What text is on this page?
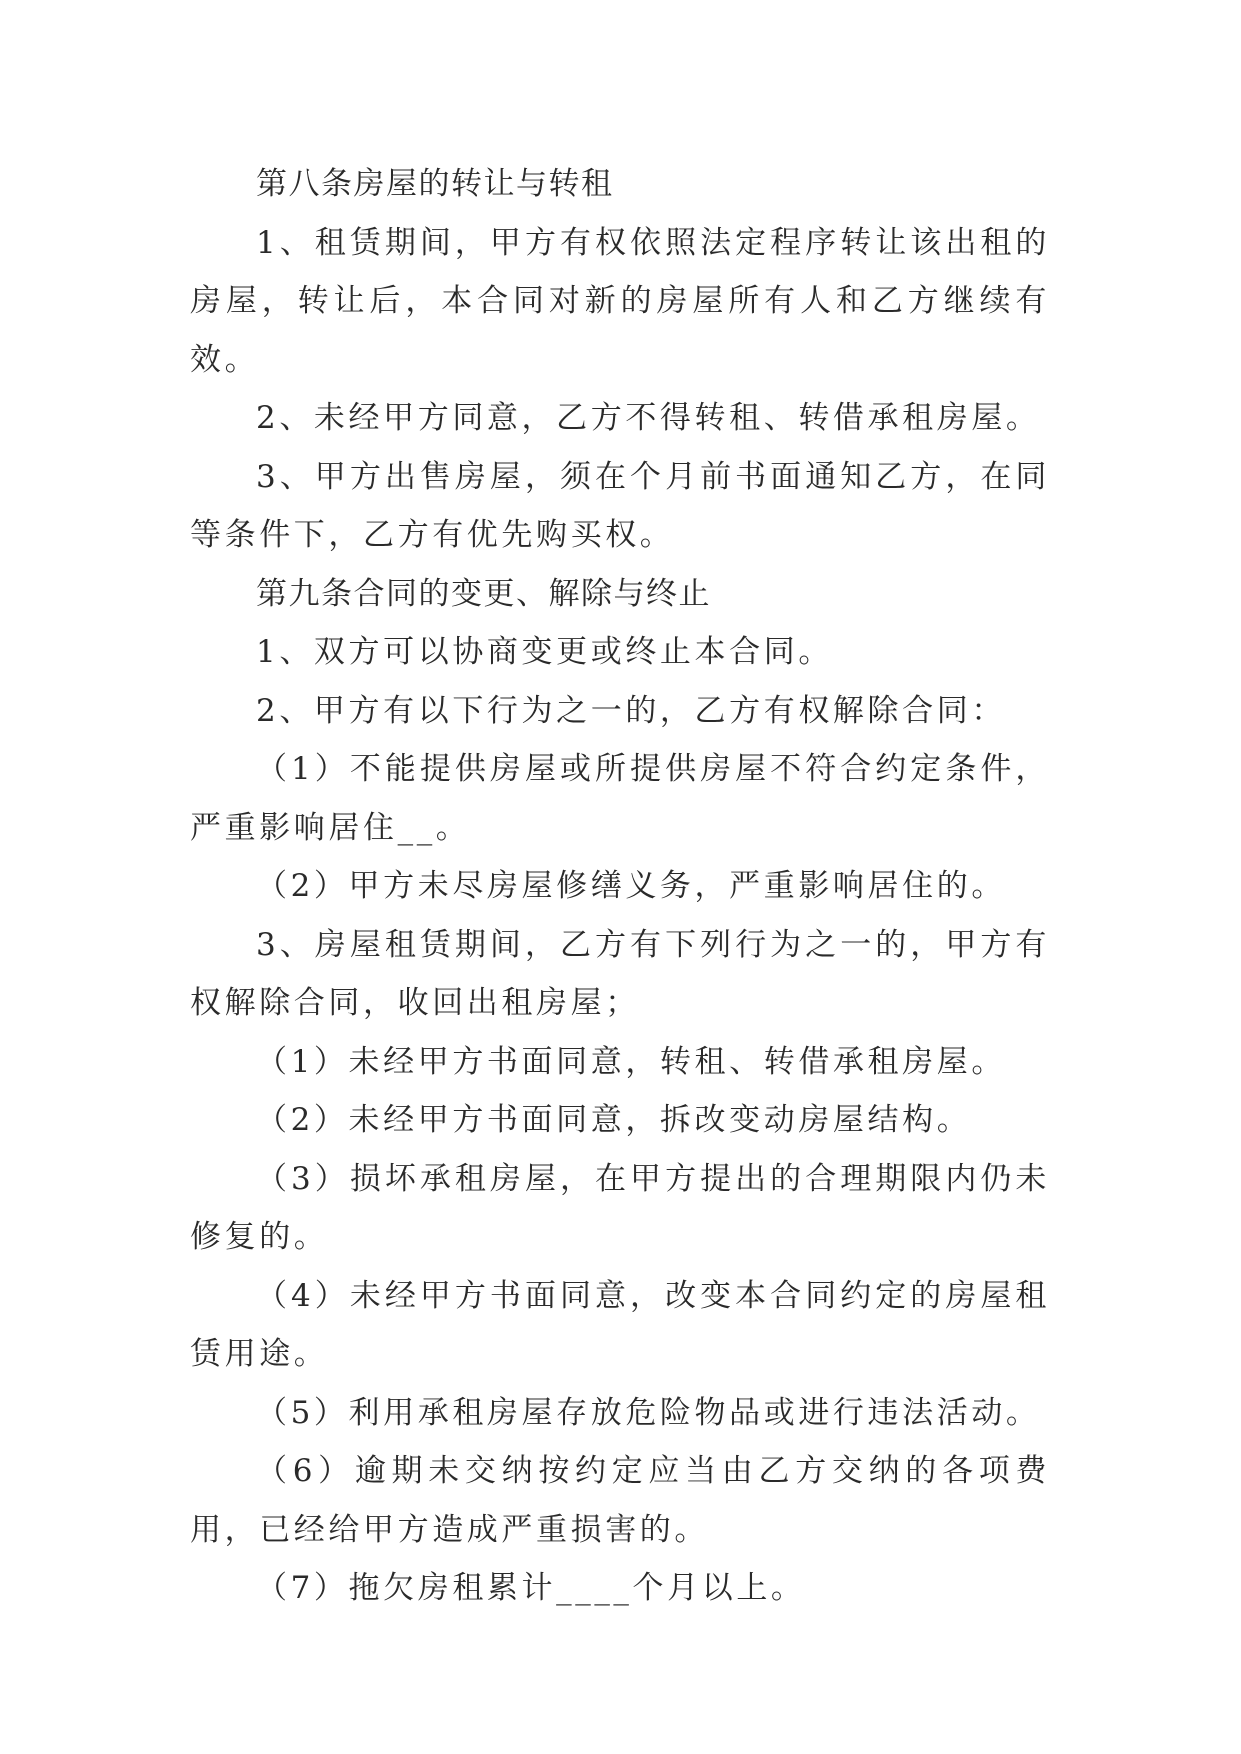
第八条房屋的转让与转租

1、租赁期间，甲方有权依照法定程序转让该出租的房屋，转让后，本合同对新的房屋所有人和乙方继续有效。

2、未经甲方同意，乙方不得转租、转借承租房屋。

3、甲方出售房屋，须在个月前书面通知乙方，在同等条件下，乙方有优先购买权。

第九条合同的变更、解除与终止

1、双方可以协商变更或终止本合同。

2、甲方有以下行为之一的，乙方有权解除合同：

（1）不能提供房屋或所提供房屋不符合约定条件，严重影响居住__。

（2）甲方未尽房屋修缮义务，严重影响居住的。

3、房屋租赁期间，乙方有下列行为之一的，甲方有权解除合同，收回出租房屋；

（1）未经甲方书面同意，转租、转借承租房屋。

（2）未经甲方书面同意，拆改变动房屋结构。

（3）损坏承租房屋，在甲方提出的合理期限内仍未修复的。

（4）未经甲方书面同意，改变本合同约定的房屋租赁用途。

（5）利用承租房屋存放危险物品或进行违法活动。

（6）逾期未交纳按约定应当由乙方交纳的各项费用，已经给甲方造成严重损害的。

（7）拖欠房租累计____个月以上。
